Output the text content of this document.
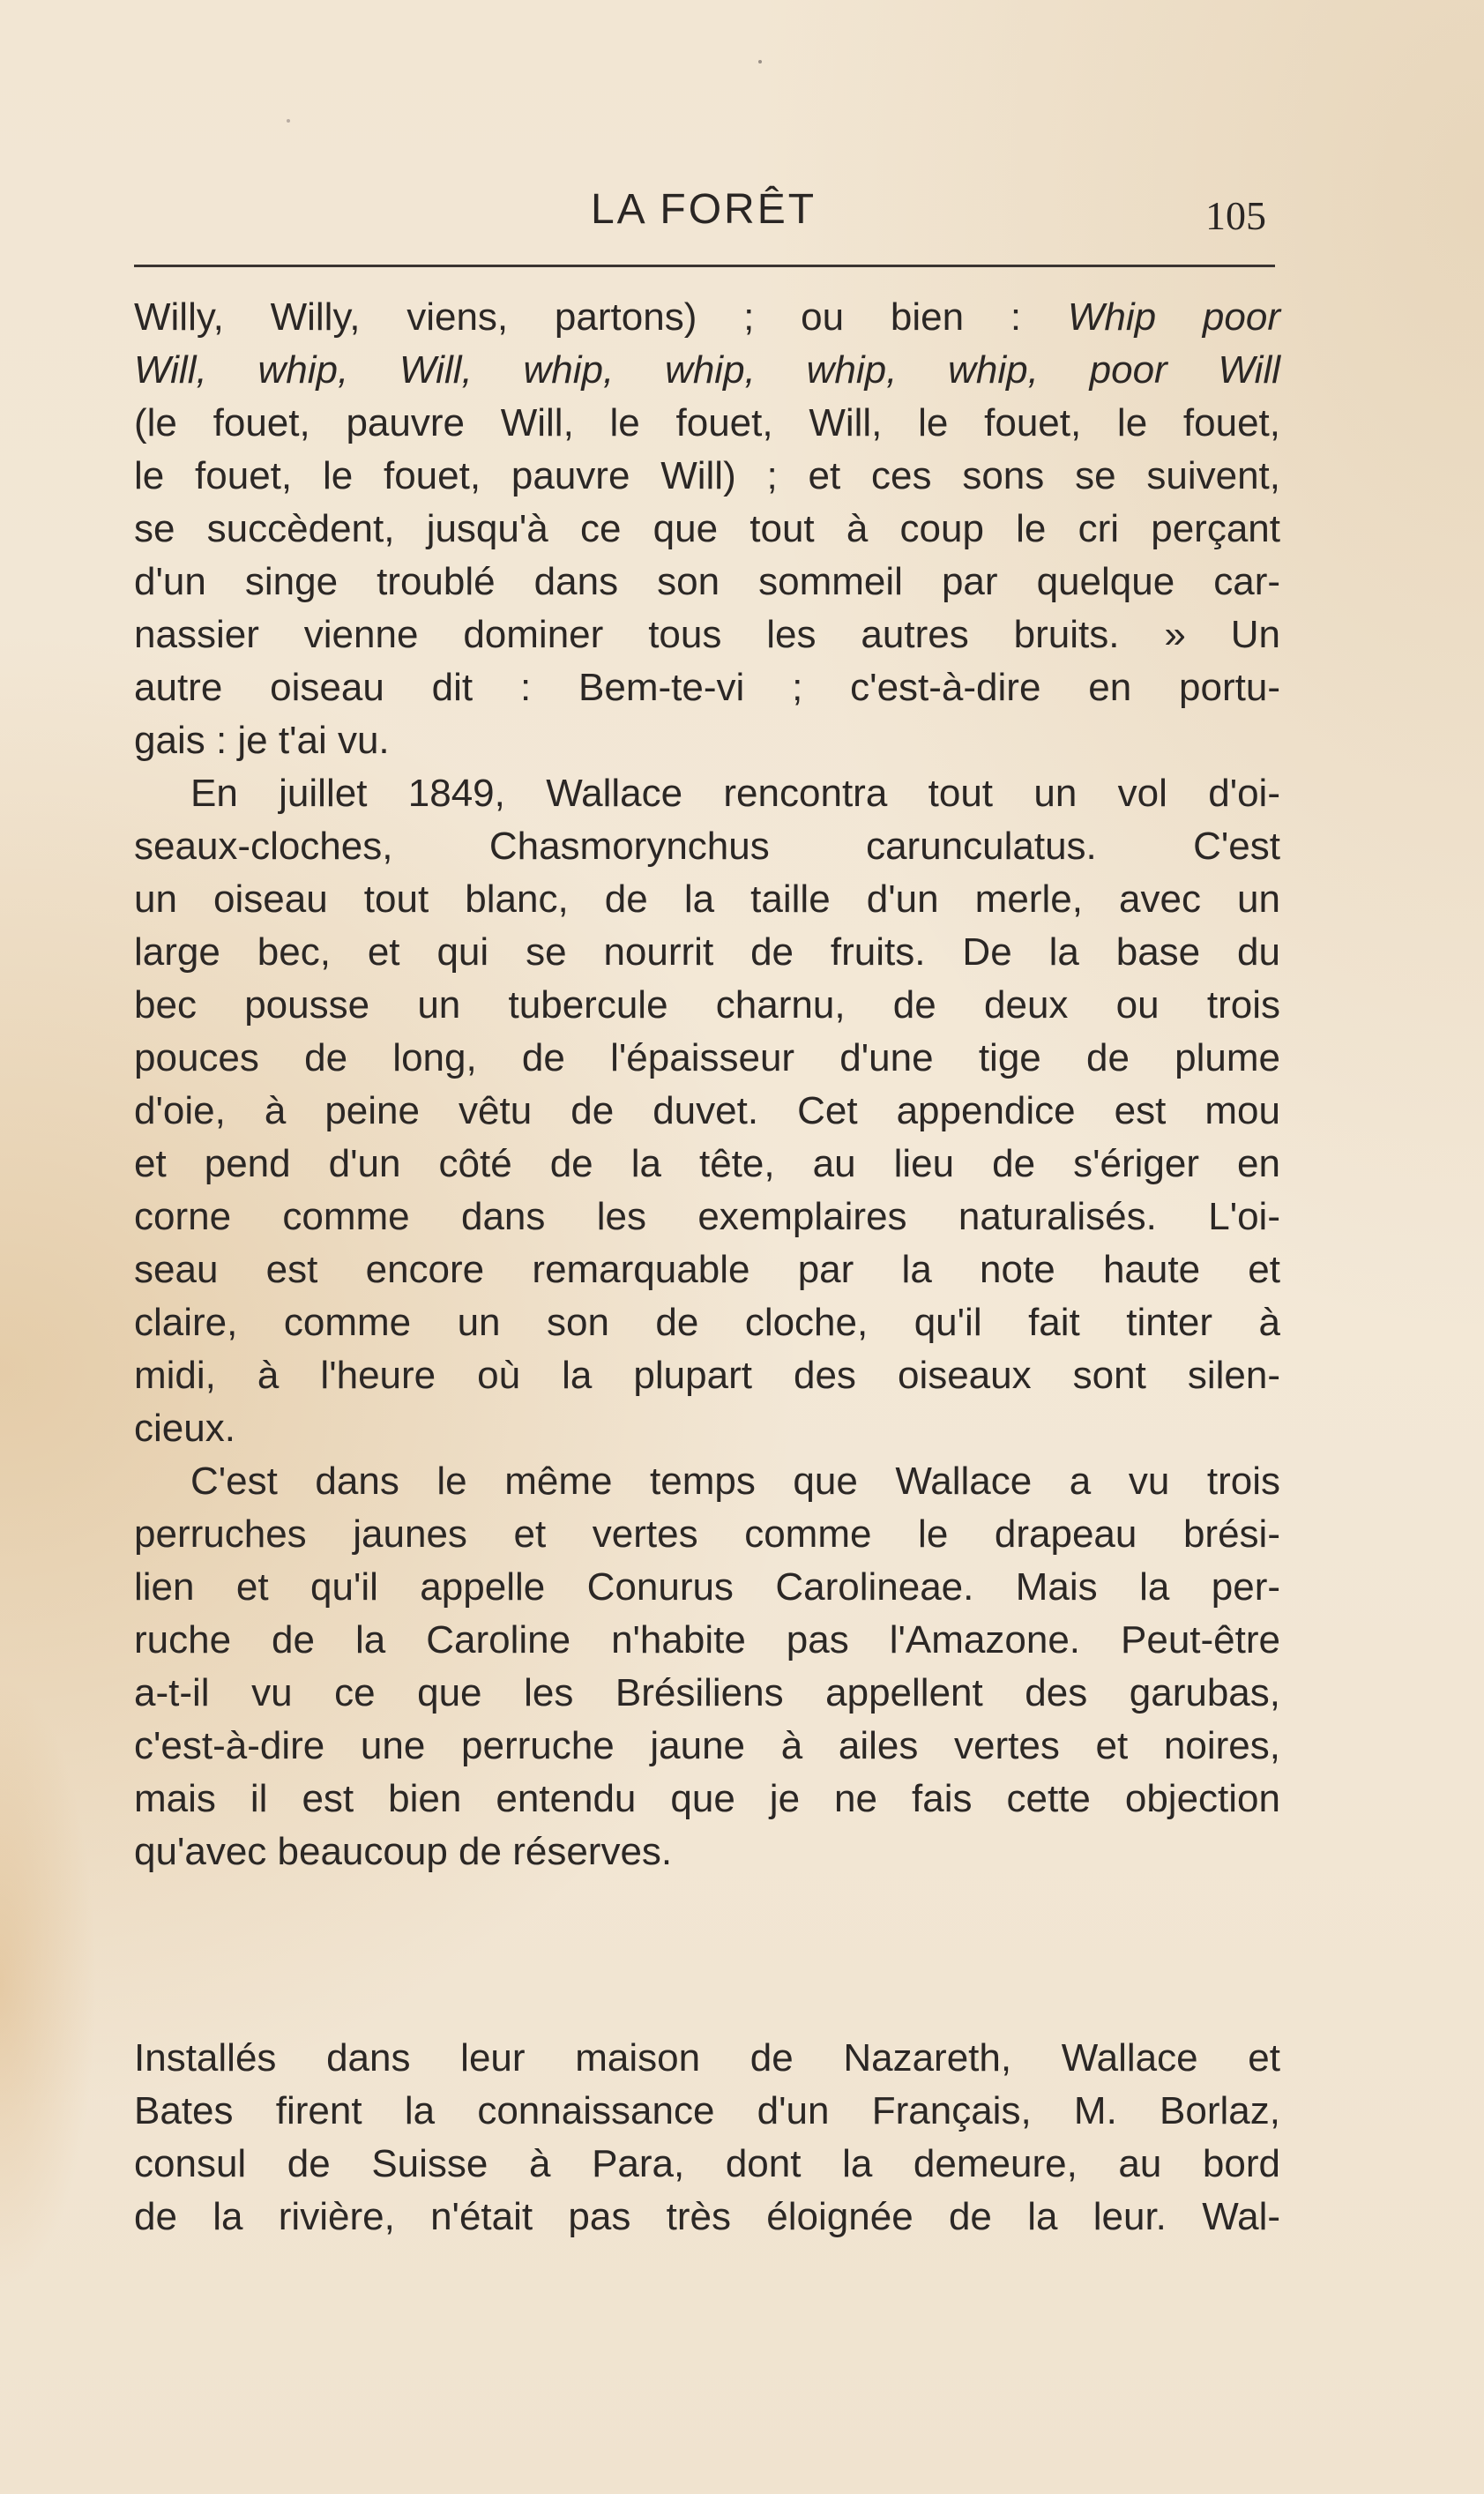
LA FORÊT	105
Willy, Willy, viens, partons) ; ou bien : Whip poor
Will, whip, Will, whip, whip, whip, whip, poor Will
(le fouet, pauvre Will, le fouet, Will, le fouet, le fouet,
le fouet, le fouet, pauvre Will) ; et ces sons se suivent,
se succèdent, jusqu'à ce que tout à coup le cri perçant
d'un singe troublé dans son sommeil par quelque car-
nassier vienne dominer tous les autres bruits. » Un
autre oiseau dit : Bem-te-vi ; c'est-à-dire en portu-
gais : je t'ai vu.
En juillet 1849, Wallace rencontra tout un vol d'oi-
seaux-cloches, Chasmorynchus carunculatus. C'est
un oiseau tout blanc, de la taille d'un merle, avec un
large bec, et qui se nourrit de fruits. De la base du
bec pousse un tubercule charnu, de deux ou trois
pouces de long, de l'épaisseur d'une tige de plume
d'oie, à peine vêtu de duvet. Cet appendice est mou
et pend d'un côté de la tête, au lieu de s'ériger en
corne comme dans les exemplaires naturalisés. L'oi-
seau est encore remarquable par la note haute et
claire, comme un son de cloche, qu'il fait tinter à
midi, à l'heure où la plupart des oiseaux sont silen-
cieux.
C'est dans le même temps que Wallace a vu trois
perruches jaunes et vertes comme le drapeau brési-
lien et qu'il appelle Conurus Carolineae. Mais la per-
ruche de la Caroline n'habite pas l'Amazone. Peut-être
a-t-il vu ce que les Brésiliens appellent des garubas,
c'est-à-dire une perruche jaune à ailes vertes et noires,
mais il est bien entendu que je ne fais cette objection
qu'avec beaucoup de réserves.
Installés dans leur maison de Nazareth, Wallace et
Bates firent la connaissance d'un Français, M. Borlaz,
consul de Suisse à Para, dont la demeure, au bord
de la rivière, n'était pas très éloignée de la leur. Wal-
